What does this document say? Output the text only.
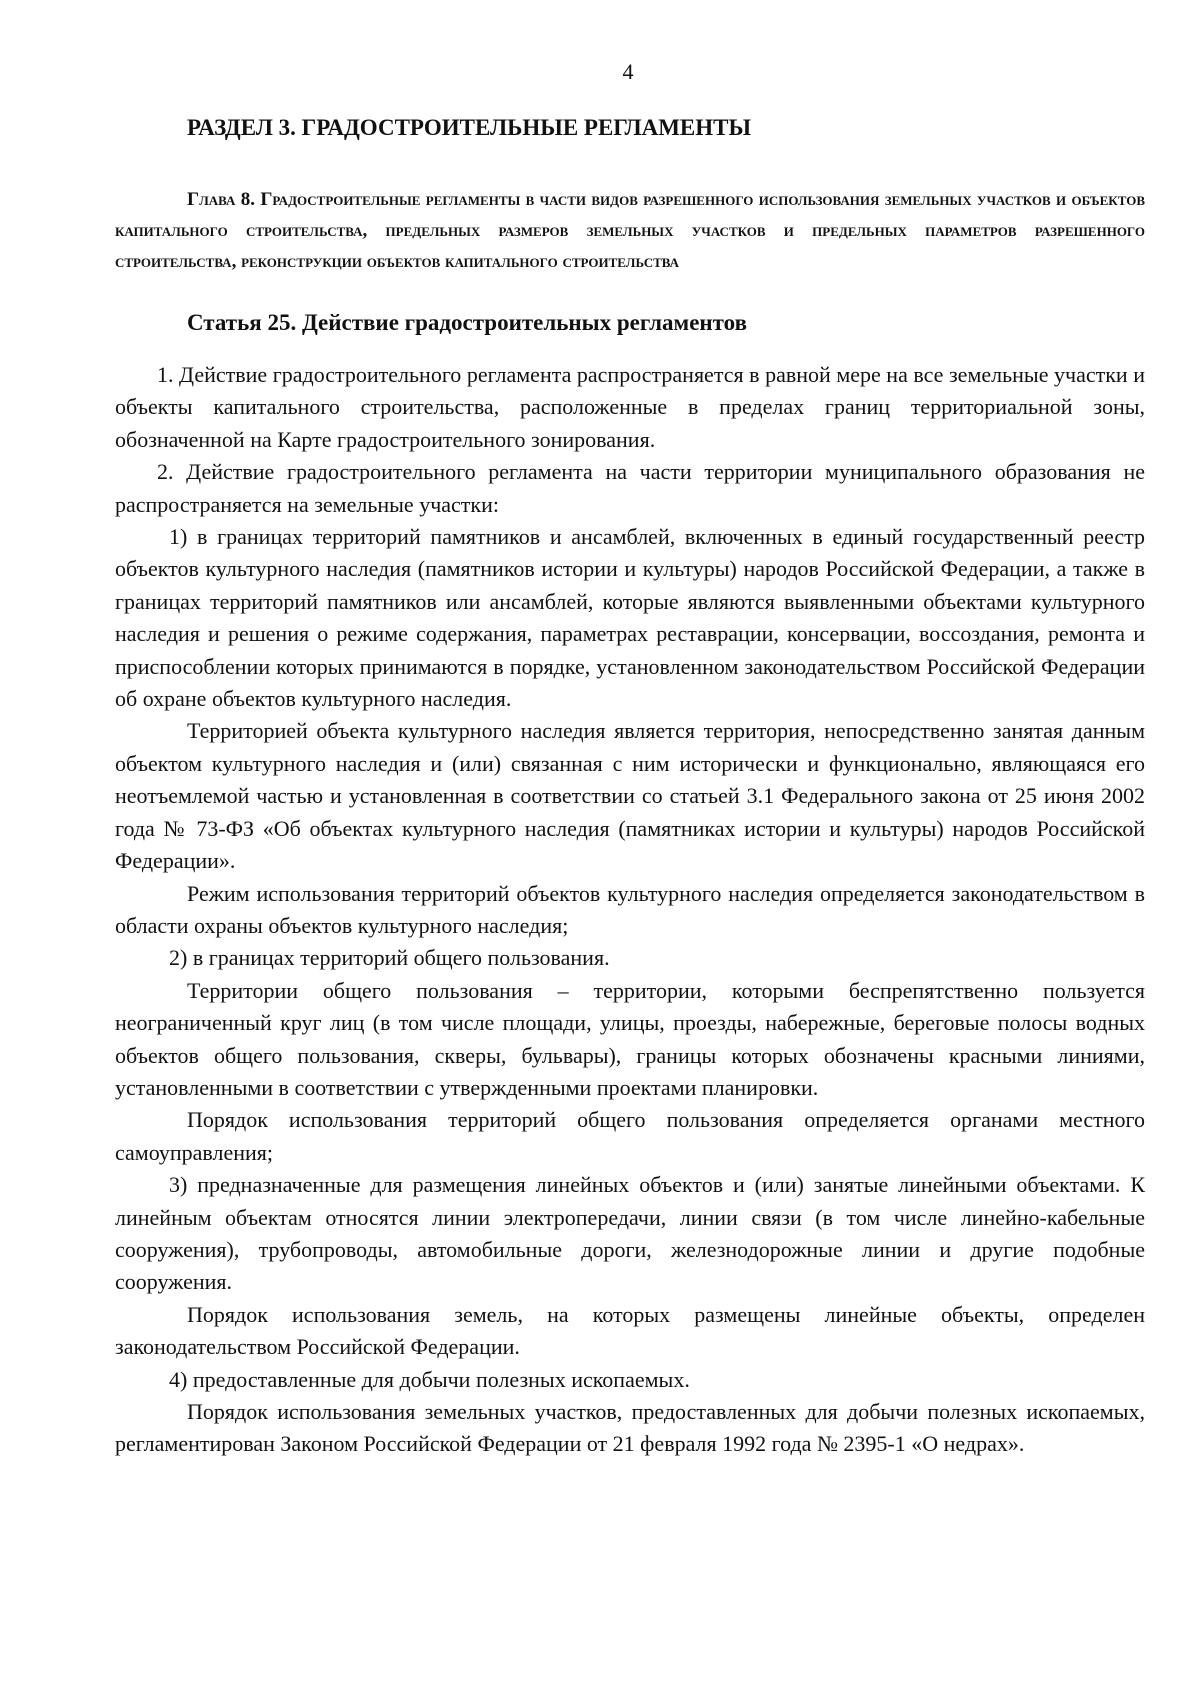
4
РАЗДЕЛ 3. ГРАДОСТРОИТЕЛЬНЫЕ РЕГЛАМЕНТЫ
Глава 8. Градостроительные регламенты в части видов разрешенного использования земельных участков и объектов капитального строительства, предельных размеров земельных участков и предельных параметров разрешенного строительства, реконструкции объектов капитального строительства
Статья 25. Действие градостроительных регламентов

1. Действие градостроительного регламента распространяется в равной мере на все земельные участки и объекты капитального строительства, расположенные в пределах границ территориальной зоны, обозначенной на Карте градостроительного зонирования.

2. Действие градостроительного регламента на части территории муниципального образования не распространяется на земельные участки:

1) в границах территорий памятников и ансамблей, включенных в единый государственный реестр объектов культурного наследия (памятников истории и культуры) народов Российской Федерации, а также в границах территорий памятников или ансамблей, которые являются выявленными объектами культурного наследия и решения о режиме содержания, параметрах реставрации, консервации, воссоздания, ремонта и приспособлении которых принимаются в порядке, установленном законодательством Российской Федерации об охране объектов культурного наследия.

Территорией объекта культурного наследия является территория, непосредственно занятая данным объектом культурного наследия и (или) связанная с ним исторически и функционально, являющаяся его неотъемлемой частью и установленная в соответствии со статьей 3.1 Федерального закона от 25 июня 2002 года № 73-ФЗ «Об объектах культурного наследия (памятниках истории и культуры) народов Российской Федерации».

Режим использования территорий объектов культурного наследия определяется законодательством в области охраны объектов культурного наследия;

2) в границах территорий общего пользования.

Территории общего пользования – территории, которыми беспрепятственно пользуется неограниченный круг лиц (в том числе площади, улицы, проезды, набережные, береговые полосы водных объектов общего пользования, скверы, бульвары), границы которых обозначены красными линиями, установленными в соответствии с утвержденными проектами планировки.

Порядок использования территорий общего пользования определяется органами местного самоуправления;

3) предназначенные для размещения линейных объектов и (или) занятые линейными объектами. К линейным объектам относятся линии электропередачи, линии связи (в том числе линейно-кабельные сооружения), трубопроводы, автомобильные дороги, железнодорожные линии и другие подобные сооружения.

Порядок использования земель, на которых размещены линейные объекты, определен законодательством Российской Федерации.

4) предоставленные для добычи полезных ископаемых.

Порядок использования земельных участков, предоставленных для добычи полезных ископаемых, регламентирован Законом Российской Федерации от 21 февраля 1992 года № 2395-1 «О недрах».
